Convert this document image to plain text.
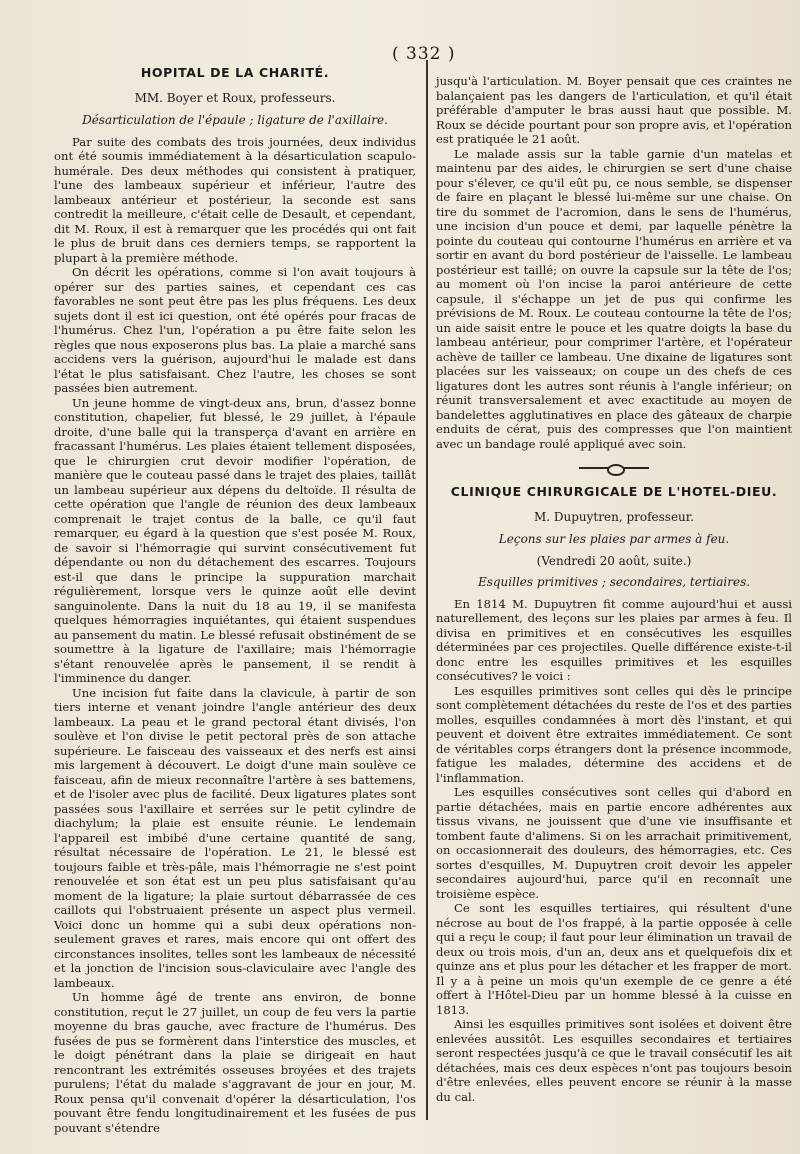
( 332 )
HOPITAL DE LA CHARITÉ.
MM. Boyer et Roux, professeurs.
Désarticulation de l'épaule ; ligature de l'axillaire.

Par suite des combats des trois journées, deux individus ont été soumis immédiatement à la désarticulation scapulo-humérale. Des deux méthodes qui consistent à pratiquer, l'une des lambeaux supérieur et inférieur, l'autre des lambeaux antérieur et postérieur, la seconde est sans contredit la meilleure, c'était celle de Desault, et cependant, dit M. Roux, il est à remarquer que les procédés qui ont fait le plus de bruit dans ces derniers temps, se rapportent la plupart à la première méthode.

On décrit les opérations, comme si l'on avait toujours à opérer sur des parties saines, et cependant ces cas favorables ne sont peut être pas les plus fréquens. Les deux sujets dont il est ici question, ont été opérés pour fracas de l'humérus. Chez l'un, l'opération a pu être faite selon les règles que nous exposerons plus bas. La plaie a marché sans accidens vers la guérison, aujourd'hui le malade est dans l'état le plus satisfaisant. Chez l'autre, les choses se sont passées bien autrement.

Un jeune homme de vingt-deux ans, brun, d'assez bonne constitution, chapelier, fut blessé, le 29 juillet, à l'épaule droite, d'une balle qui la transperça d'avant en arrière en fracassant l'humérus. Les plaies étaient tellement disposées, que le chirurgien crut devoir modifier l'opération, de manière que le couteau passé dans le trajet des plaies, taillât un lambeau supérieur aux dépens du deltoïde. Il résulta de cette opération que l'angle de réunion des deux lambeaux comprenait le trajet contus de la balle, ce qu'il faut remarquer, eu égard à la question que s'est posée M. Roux, de savoir si l'hémorragie qui survint consécutivement fut dépendante ou non du détachement des escarres. Toujours est-il que dans le principe la suppuration marchait régulièrement, lorsque vers le quinze août elle devint sanguinolente. Dans la nuit du 18 au 19, il se manifesta quelques hémorragies inquiétantes, qui étaient suspendues au pansement du matin. Le blessé refusait obstinément de se soumettre à la ligature de l'axillaire; mais l'hémorragie s'étant renouvelée après le pansement, il se rendit à l'imminence du danger.

Une incision fut faite dans la clavicule, à partir de son tiers interne et venant joindre l'angle antérieur des deux lambeaux. La peau et le grand pectoral étant divisés, l'on soulève et l'on divise le petit pectoral près de son attache supérieure. Le faisceau des vaisseaux et des nerfs est ainsi mis largement à découvert. Le doigt d'une main soulève ce faisceau, afin de mieux reconnaître l'artère à ses battemens, et de l'isoler avec plus de facilité. Deux ligatures plates sont passées sous l'axillaire et serrées sur le petit cylindre de diachylum; la plaie est ensuite réunie. Le lendemain l'appareil est imbibé d'une certaine quantité de sang, résultat nécessaire de l'opération. Le 21, le blessé est toujours faible et très-pâle, mais l'hémorragie ne s'est point renouvelée et son état est un peu plus satisfaisant qu'au moment de la ligature; la plaie surtout débarrassée de ces caillots qui l'obstruaient présente un aspect plus vermeil. Voici donc un homme qui a subi deux opérations non-seulement graves et rares, mais encore qui ont offert des circonstances insolites, telles sont les lambeaux de nécessité et la jonction de l'incision sous-claviculaire avec l'angle des lambeaux.

Un homme âgé de trente ans environ, de bonne constitution, reçut le 27 juillet, un coup de feu vers la partie moyenne du bras gauche, avec fracture de l'humérus. Des fusées de pus se formèrent dans l'interstice des muscles, et le doigt pénétrant dans la plaie se dirigeait en haut rencontrant les extrémités osseuses broyées et des trajets purulens; l'état du malade s'aggravant de jour en jour, M. Roux pensa qu'il convenait d'opérer la désarticulation, l'os pouvant être fendu longitudinairement et les fusées de pus pouvant s'étendre

jusqu'à l'articulation. M. Boyer pensait que ces craintes ne balançaient pas les dangers de l'articulation, et qu'il était préférable d'amputer le bras aussi haut que possible. M. Roux se décide pourtant pour son propre avis, et l'opération est pratiquée le 21 août.

Le malade assis sur la table garnie d'un matelas et maintenu par des aides, le chirurgien se sert d'une chaise pour s'élever, ce qu'il eût pu, ce nous semble, se dispenser de faire en plaçant le blessé lui-même sur une chaise. On tire du sommet de l'acromion, dans le sens de l'humérus, une incision d'un pouce et demi, par laquelle pénètre la pointe du couteau qui contourne l'humérus en arrière et va sortir en avant du bord postérieur de l'aisselle. Le lambeau postérieur est taillé; on ouvre la capsule sur la tête de l'os; au moment où l'on incise la paroi antérieure de cette capsule, il s'échappe un jet de pus qui confirme les prévisions de M. Roux. Le couteau contourne la tête de l'os; un aide saisit entre le pouce et les quatre doigts la base du lambeau antérieur, pour comprimer l'artère, et l'opérateur achève de tailler ce lambeau. Une dixaine de ligatures sont placées sur les vaisseaux; on coupe un des chefs de ces ligatures dont les autres sont réunis à l'angle inférieur; on réunit transversalement et avec exactitude au moyen de bandelettes agglutinatives en place des gâteaux de charpie enduits de cérat, puis des compresses que l'on maintient avec un bandage roulé appliqué avec soin.

CLINIQUE CHIRURGICALE DE L'HOTEL-DIEU.
M. Dupuytren, professeur.
Leçons sur les plaies par armes à feu.
(Vendredi 20 août, suite.)
Esquilles primitives ; secondaires, tertiaires.

En 1814 M. Dupuytren fit comme aujourd'hui et aussi naturellement, des leçons sur les plaies par armes à feu. Il divisa en primitives et en consécutives les esquilles déterminées par ces projectiles. Quelle différence existe-t-il donc entre les esquilles primitives et les esquilles consécutives? le voici :

Les esquilles primitives sont celles qui dès le principe sont complètement détachées du reste de l'os et des parties molles, esquilles condamnées à mort dès l'instant, et qui peuvent et doivent être extraites immédiatement. Ce sont de véritables corps étrangers dont la présence incommode, fatigue les malades, détermine des accidens et de l'inflammation.

Les esquilles consécutives sont celles qui d'abord en partie détachées, mais en partie encore adhérentes aux tissus vivans, ne jouissent que d'une vie insuffisante et tombent faute d'alimens. Si on les arrachait primitivement, on occasionnerait des douleurs, des hémorragies, etc. Ces sortes d'esquilles, M. Dupuytren croit devoir les appeler secondaires aujourd'hui, parce qu'il en reconnaît une troisième espèce.

Ce sont les esquilles tertiaires, qui résultent d'une nécrose au bout de l'os frappé, à la partie opposée à celle qui a reçu le coup; il faut pour leur élimination un travail de deux ou trois mois, d'un an, deux ans et quelquefois dix et quinze ans et plus pour les détacher et les frapper de mort. Il y a à peine un mois qu'un exemple de ce genre a été offert à l'Hôtel-Dieu par un homme blessé à la cuisse en 1813.

Ainsi les esquilles primitives sont isolées et doivent être enlevées aussitôt. Les esquilles secondaires et tertiaires seront respectées jusqu'à ce que le travail consécutif les ait détachées, mais ces deux espèces n'ont pas toujours besoin d'être enlevées, elles peuvent encore se réunir à la masse du cal.
